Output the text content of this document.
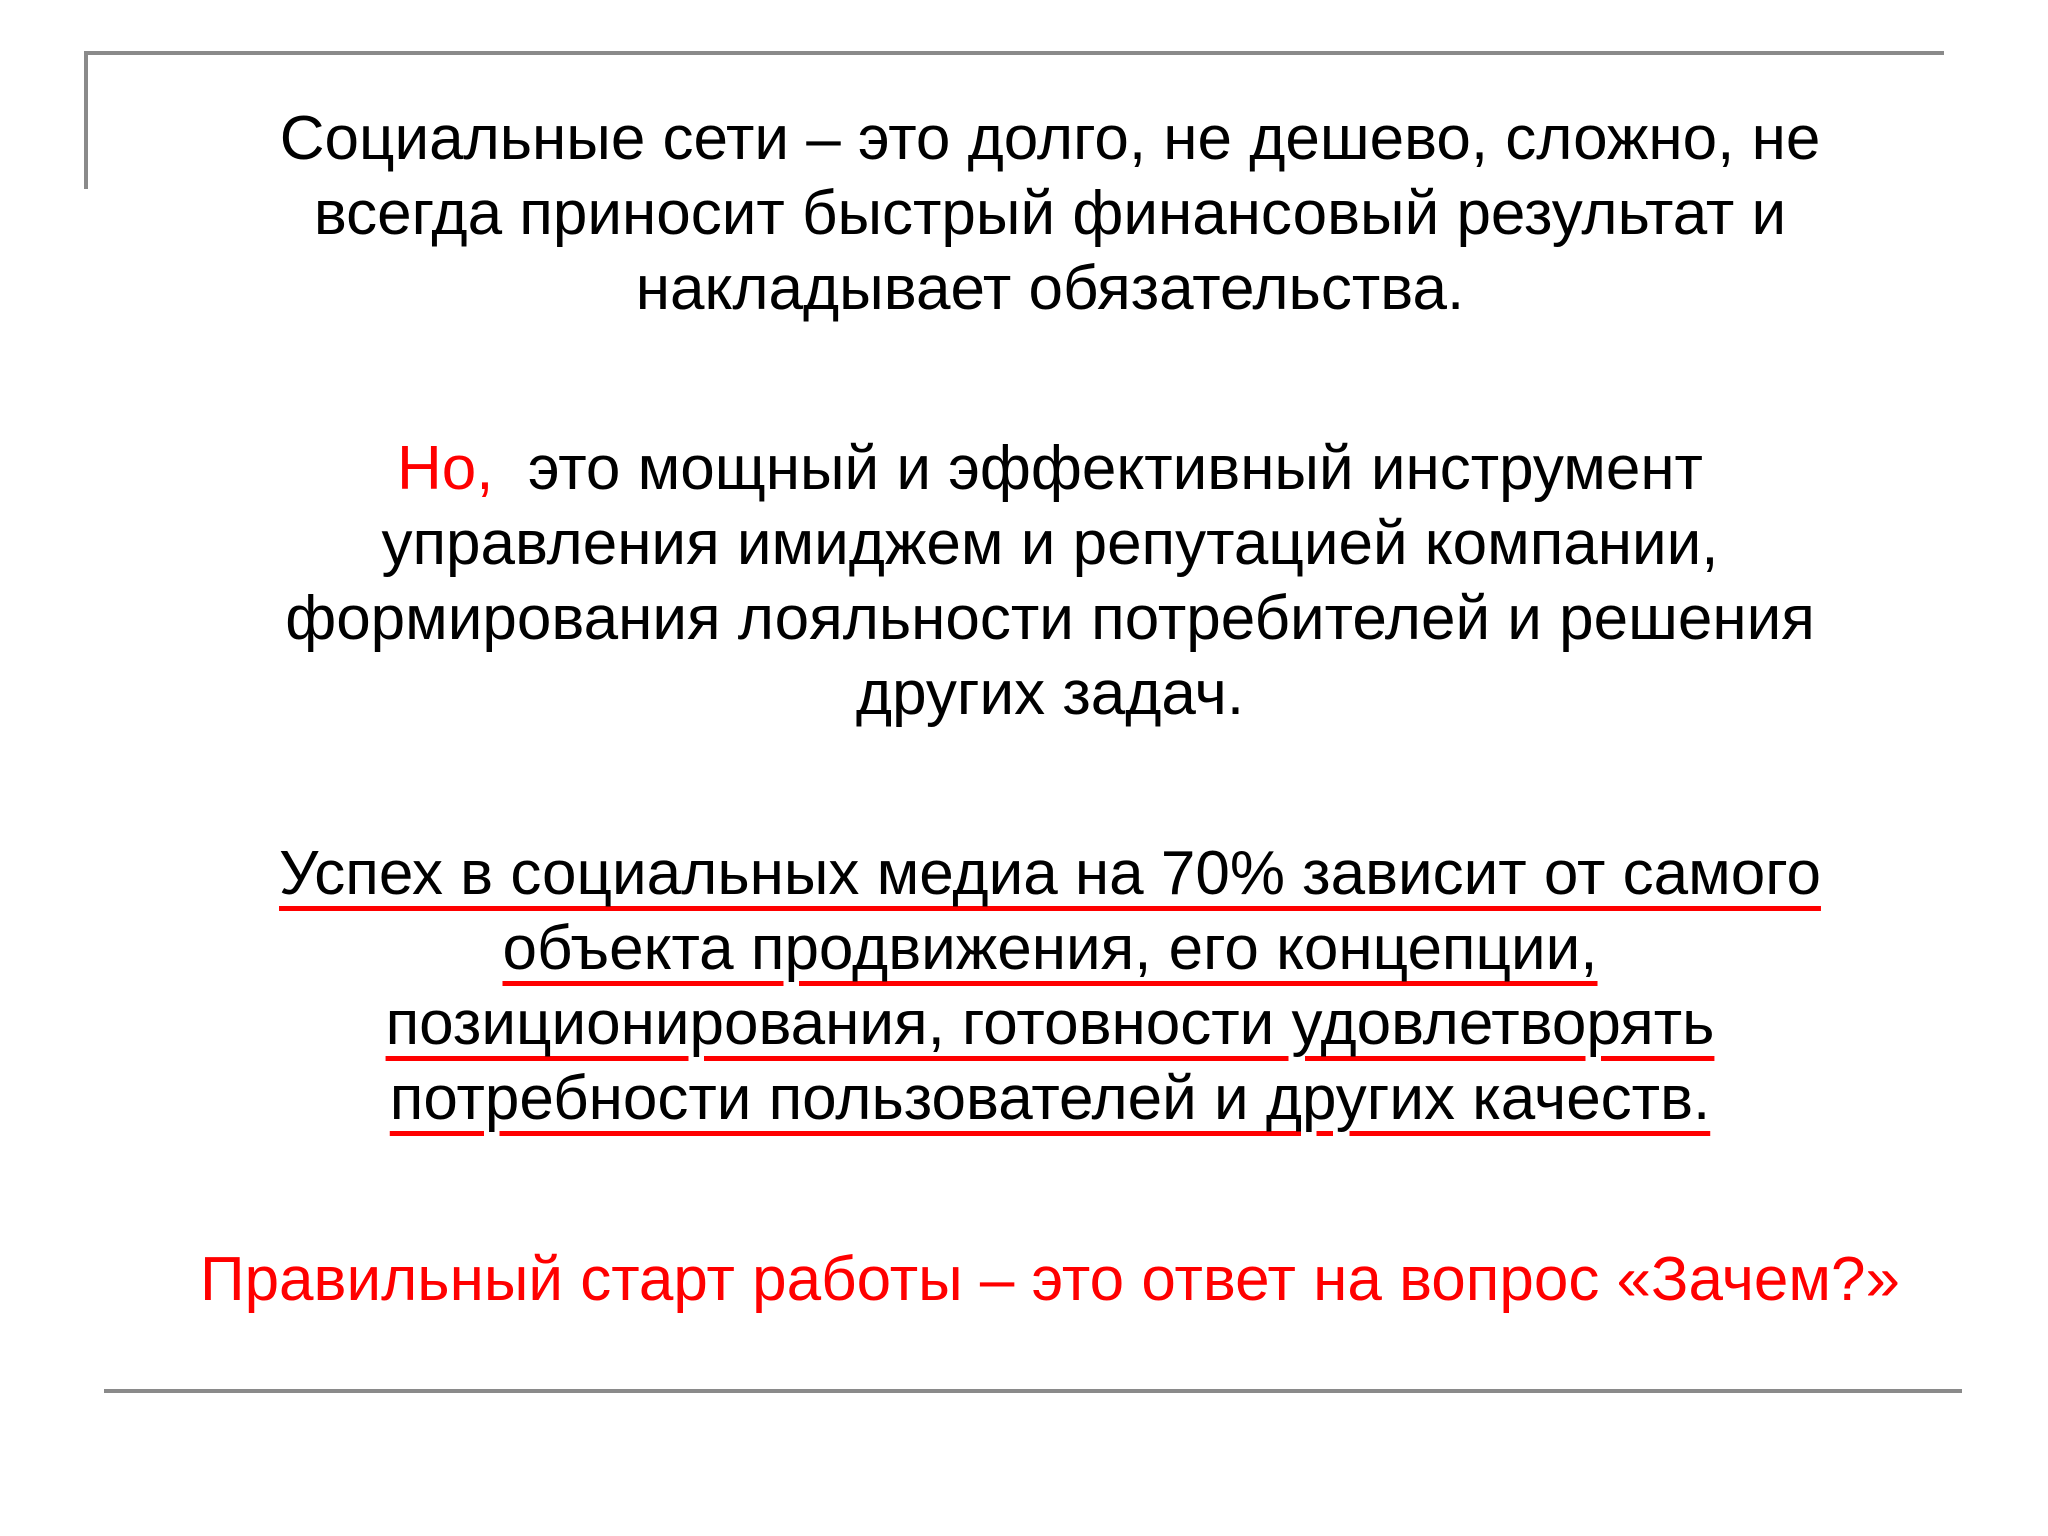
Социальные сети – это долго, не дешево, сложно, не
всегда приносит быстрый финансовый результат и
накладывает обязательства.

Но,  это мощный и эффективный инструмент
управления имиджем и репутацией компании,
формирования лояльности потребителей и решения
других задач.

Успех в социальных медиа на 70% зависит от самого
объекта продвижения, его концепции,
позиционирования, готовности удовлетворять
потребности пользователей и других качеств.

Правильный старт работы – это ответ на вопрос «Зачем?»
